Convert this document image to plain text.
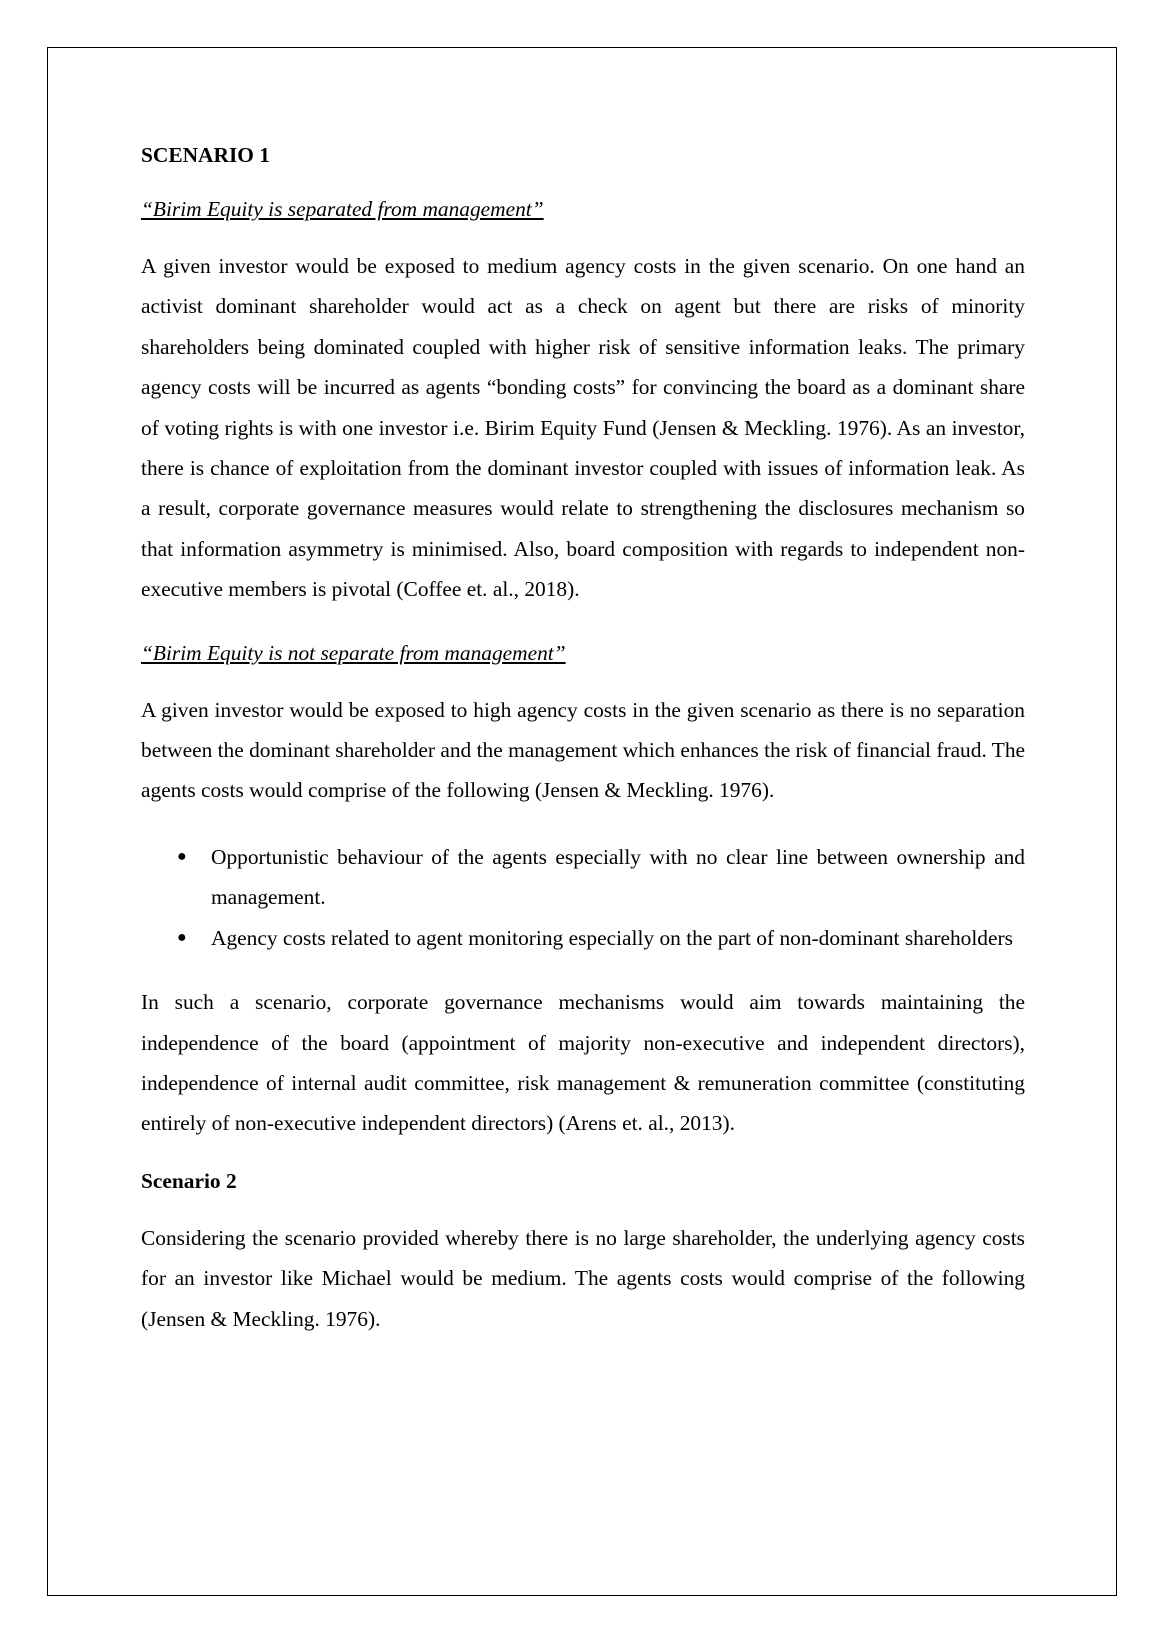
SCENARIO 1
“Birim Equity is separated from management”

A given investor would be exposed to medium agency costs in the given scenario. On one hand an activist dominant shareholder would act as a check on agent but there are risks of minority shareholders being dominated coupled with higher risk of sensitive information leaks. The primary agency costs will be incurred as agents “bonding costs” for convincing the board as a dominant share of voting rights is with one investor i.e. Birim Equity Fund (Jensen & Meckling. 1976). As an investor, there is chance of exploitation from the dominant investor coupled with issues of information leak. As a result, corporate governance measures would relate to strengthening the disclosures mechanism so that information asymmetry is minimised. Also, board composition with regards to independent non-executive members is pivotal (Coffee et. al., 2018).

“Birim Equity is not separate from management”

A given investor would be exposed to high agency costs in the given scenario as there is no separation between the dominant shareholder and the management which enhances the risk of financial fraud. The agents costs would comprise of the following (Jensen & Meckling. 1976).

● Opportunistic behaviour of the agents especially with no clear line between ownership and management.
● Agency costs related to agent monitoring especially on the part of non-dominant shareholders

In such a scenario, corporate governance mechanisms would aim towards maintaining the independence of the board (appointment of majority non-executive and independent directors), independence of internal audit committee, risk management & remuneration committee (constituting entirely of non-executive independent directors) (Arens et. al., 2013).

Scenario 2

Considering the scenario provided whereby there is no large shareholder, the underlying agency costs for an investor like Michael would be medium. The agents costs would comprise of the following (Jensen & Meckling. 1976).
